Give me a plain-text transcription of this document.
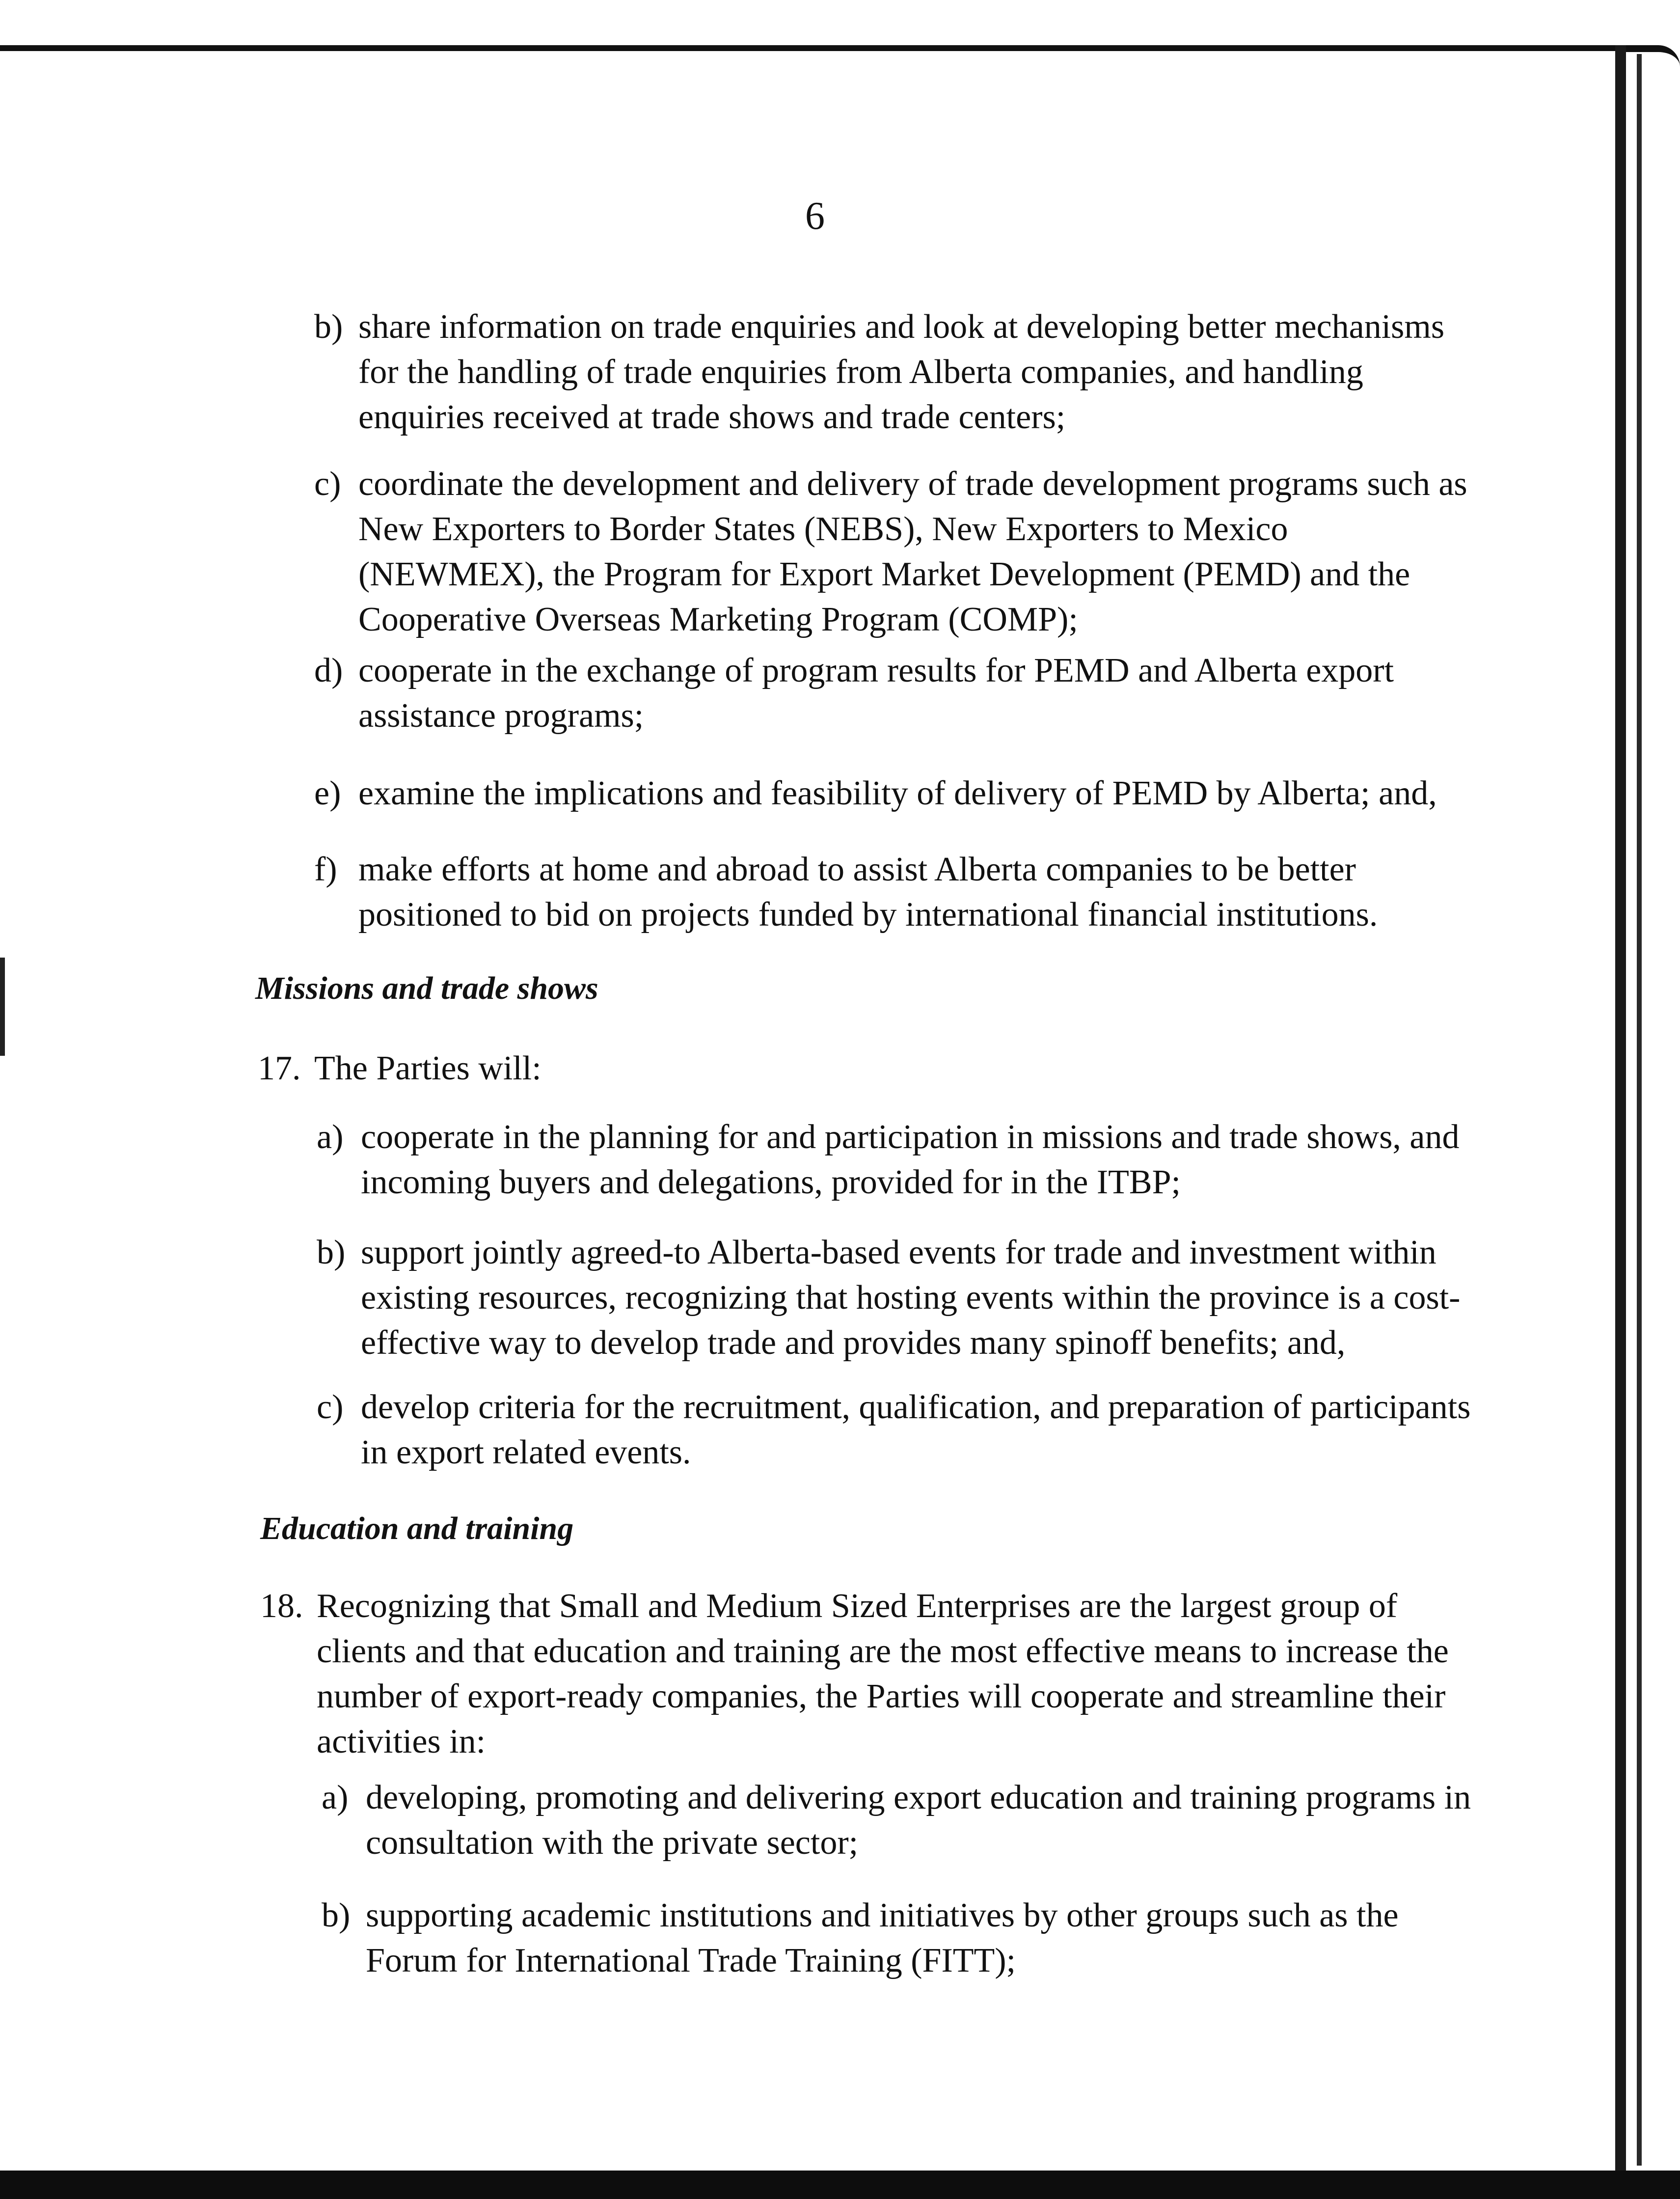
6
b) share information on trade enquiries and look at developing better mechanisms for the handling of trade enquiries from Alberta companies, and handling enquiries received at trade shows and trade centers;
c) coordinate the development and delivery of trade development programs such as New Exporters to Border States (NEBS), New Exporters to Mexico (NEWMEX), the Program for Export Market Development (PEMD) and the Cooperative Overseas Marketing Program (COMP);
d) cooperate in the exchange of program results for PEMD and Alberta export assistance programs;
e) examine the implications and feasibility of delivery of PEMD by Alberta; and,
f) make efforts at home and abroad to assist Alberta companies to be better positioned to bid on projects funded by international financial institutions.
Missions and trade shows
17. The Parties will:
a) cooperate in the planning for and participation in missions and trade shows, and incoming buyers and delegations, provided for in the ITBP;
b) support jointly agreed-to Alberta-based events for trade and investment within existing resources, recognizing that hosting events within the province is a cost-effective way to develop trade and provides many spinoff benefits; and,
c) develop criteria for the recruitment, qualification, and preparation of participants in export related events.
Education and training
18. Recognizing that Small and Medium Sized Enterprises are the largest group of clients and that education and training are the most effective means to increase the number of export-ready companies, the Parties will cooperate and streamline their activities in:
a) developing, promoting and delivering export education and training programs in consultation with the private sector;
b) supporting academic institutions and initiatives by other groups such as the Forum for International Trade Training (FITT);
